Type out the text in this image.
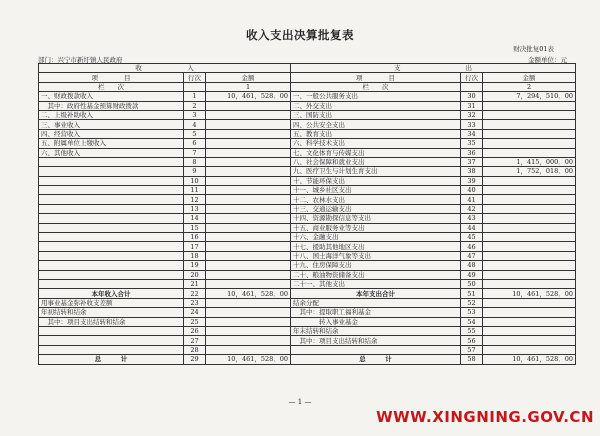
收入支出决算批复表
财决批复01表
部门：兴宁市新圩镇人民政府	金额单位：元
收　　　　　　　入			支　　　　　　　　　　出		
项　　　　目	行次	金额	项　　　　目	行次	金额
栏　　次		1	栏　　次		2
一、财政拨款收入	1	10，461，528．00	一、一般公共服务支出	30	7，294，510．00
　其中：政府性基金预算财政拨款	2		二、外交支出	31	
二、上级补助收入	3		三、国防支出	32	
三、事业收入	4		四、公共安全支出	33	
四、经营收入	5		五、教育支出	34	
五、附属单位上缴收入	6		六、科学技术支出	35	
六、其他收入	7		七、文化体育与传媒支出	36	
	8		八、社会保障和就业支出	37	1，415，000．00
	9		九、医疗卫生与计划生育支出	38	1，752，018．00
	10		十、节能环保支出	39	
	11		十一、城乡社区支出	40	
	12		十二、农林水支出	41	
	13		十三、交通运输支出	42	
	14		十四、资源勘探信息等支出	43	
	15		十五、商业服务业等支出	44	
	16		十六、金融支出	45	
	17		十七、援助其他地区支出	46	
	18		十八、国土海洋气象等支出	47	
	19		十九、住房保障支出	48	
	20		二十、粮油物资储备支出	49	
	21		二十一、其他支出	50	
本年收入合计	22	10，461，528．00	本年支出合计	51	10，461，528．00
用事业基金弥补收支差额	23		结余分配	52	
年初结转和结余	24		　其中：提取职工福利基金	53	
　其中：项目支出结转和结余	25		　　　　转入事业基金	54	
	26		年末结转和结余	55	
	27		　其中：项目支出结转和结余	56	
	28			57	
总　　　计	29	10，461，528．00	总　　　计	58	10，461，528．00
— 1 —
WWW.XINGNING.GOV.CN
